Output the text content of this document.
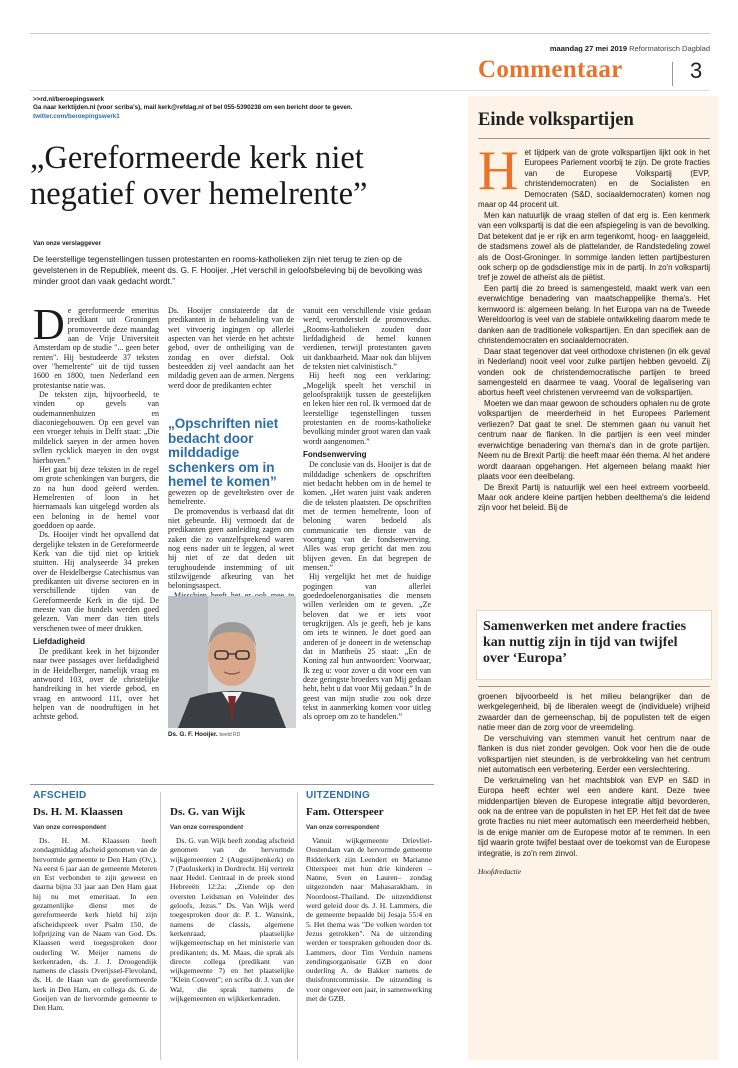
maandag 27 mei 2019 Reformatorisch Dagblad
Commentaar	3
>>rd.nl/beroepingswerk
Ga naar kerktijden.nl (voor scriba's), mail kerk@refdag.nl of bel 055-5390238 om een bericht door te geven.
twitter.com/beroepingswerk1
„Gereformeerde kerk niet negatief over hemelrente”
Van onze verslaggever
De leerstellige tegenstellingen tussen protestanten en rooms-katholieken zijn niet terug te zien op de gevelstenen in de Republiek, meent ds. G. F. Hooijer. „Het verschil in geloofsbeleving bij de bevolking was minder groot dan vaak gedacht wordt.”

De gereformeerde emeritus predikant uit Groningen promoveerde deze maandag aan de Vrije Universiteit Amsterdam op de studie "... geen beter renten". Hij bestudeerde 37 teksten over "hemelrente" uit de tijd tussen 1600 en 1800, toen Nederland een protestantse natie was.

De teksten zijn, bijvoorbeeld, te vinden op gevels van oudemannenhuizen en diaconiegebouwen. Op een gevel van een vroeger tehuis in Delft staat: „Die mildelick saeyen in der armen hoven svllen rycklick maeyen in den ovgst hierboven.”

Het gaat bij deze teksten in de regel om grote schenkingen van burgers, die zo na hun dood geëerd werden. Hemelrenten of loon in het hiernamaals kan uitgelegd worden als een beloning in de hemel voor goeddoen op aarde.

Ds. Hooijer vindt het opvallend dat dergelijke teksten in de Gereformeerde Kerk van die tijd niet op kritiek stuitten. Hij analyseerde 34 preken over de Heidelbergse Catechismus van predikanten uit diverse sectoren en in verschillende tijden van de Gereformeerde Kerk in die tijd. De meeste van die bundels werden goed gelezen. Van meer dan tien titels verschenen twee of meer drukken.

Liefdadigheid

De predikant keek in het bijzonder naar twee passages over liefdadigheid in de Heidelberger, namelijk vraag en antwoord 103, over de christelijke handreiking in het vierde gebod, en vraag en antwoord 111, over het helpen van de noodruftigen in het achtste gebod.

Ds. Hooijer constateerde dat de predikanten in de behandeling van de wet vitvoerig ingingen op allerlei aspecten van het vierde en het achtste gebod, over de ontheiliging van de zondag en over diefstal. Ook besteedden zij veel aandacht aan het mildadig geven aan de armen. Nergens werd door de predikanten echter

„Opschriften niet bedacht door milddadige schenkers om in hemel te komen”

gewezen op de gevelteksten over de hemelrente.

De promovendus is verbaasd dat dit niet gebeurde. Hij vermoedt dat de predikanten geen aanleiding zagen om zaken die zo vanzelfsprekend waren nog eens nader uit te leggen, al weet hij niet of ze dat deden uit terughoudende instemming of uit stilzwijgende afkeuring van het beloningsaspect.

Ds. G. F. Hooijer. beeld RD

vanuit een verschillende visie gedaan werd, veronderstelt de promovendus. „Rooms-katholieken zouden door liefdadigheid de hemel kunnen verdienen, terwijl protestanten gaven uit dankbaarheid. Maar ook dan blijven de teksten niet calvinistisch.”

Hij heeft nog een verklaring: „Mogelijk speelt het verschil in geloofspraktijk tussen de geestelijken en leken hier een rol. Ik vermoed dat de leerstellige tegenstellingen tussen protestanten en de rooms-katholieke bevolking minder groot waren dan vaak wordt aangenomen.”

Fondsenwerving

De conclusie van ds. Hooijer is dat de milddadige schenkers de opschriften niet bedacht hebben om in de hemel te komen. „Het waren juist vaak anderen die de teksten plaatsten. De opschriften met de termen hemelrente, loon of beloning waren bedoeld als communicatie ten dienste van de voortgang van de fondsenwerving. Alles was erop gericht dat men zou blijven geven. En dat begrepen de mensen.”

Hij vergelijkt het met de huidige pogingen van allerlei goededoelenorganisaties die mensen willen verleiden om te geven. „Ze beloven dat we er iets voor terugkrijgen. Als je geeft, heb je kans om iets te winnen. Je doet goed aan anderen of je doneert in de wetenschap dat in Mattheüs 25 staat: „En de Koning zal hun antwoorden: Voorwaar, Ik zeg u: voor zover u dit voor een van deze geringste broeders van Mij gedaan hebt, hebt u dat voor Mij gedaan.” In de geest van mijn studie zou ook deze tekst in aanmerking komen voor uitleg als oproep om zo te handelen.”

AFSCHEID
Ds. H. M. Klaassen
Van onze correspondent
Ds. H. M. Klaassen heeft zondagmiddag afscheid genomen van de hervormde gemeente te Den Ham (Ov.). Na eerst 6 jaar aan de gemeente Meteren en Est verbonden te zijn geweest en daarna bijna 33 jaar aan Den Ham gaat hij nu met emeritaat. In een gezamenlijke dienst met de gereformeerde kerk hield hij zijn afscheidspreek over Psalm 150, de lofprijzing van de Naam van God. Ds. Klaassen werd toegesproken door ouderling W. Meijer namens de kerkenraden, ds. J. J. Droogendijk namens de classis Overijssel-Flevoland, ds. H. de Haan van de gereformeerde kerk in Den Ham, en collega ds. G. de Goeijen van de hervormde gemeente te Den Ham.
Ds. G. van Wijk
Van onze correspondent
Ds. G. van Wijk heeft zondag afscheid genomen van de hervormde wijkgemeenten 2 (Augustijnenkerk) en 7 (Pauluskerk) in Dordrecht. Hij vertrekt naar Hedel. Centraal in de preek stond Hebreeën 12:2a: „Ziende op den oversten Leidsman en Voleinder des geloofs, Jezus.” Ds. Van Wijk werd toegesproken door dr. P. L. Wansink, namens de classis, algemene kerkenraad, plaatselijke wijkgemeenschap en het ministerie van predikanten; ds. M. Maas, die sprak als directe collega (predikant van wijkgemeente 7) en het plaatselijke "Klein Convent"; en scriba dr. J. van der Wal, die sprak namens de wijkgemeenten en wijkkerkenraden.
UITZENDING
Fam. Otterspeer
Van onze correspondent
Vanuit wijkgemeente Drievliet-Oostendam van de hervormde gemeente Ridderkerk zijn Leendert en Marianne Otterspeer met hun drie kinderen –Nanne, Sven en Lauren– zondag uitgezonden naar Mahasarakham, in Noordoost-Thailand. De uitzenddienst werd geleid door ds. J. H. Lammers, die de gemeente bepaalde bij Jesaja 55:4 en 5. Het thema was "De volken worden tot Jezus getrokken". Na de uitzending werden er toespraken gehouden door ds. Lammers, door Tim Verduin namens zendingsorganisatie GZB en door ouderling A. de Bakker namens de thuisfrontcommissie. De uitzending is voor ongeveer een jaar, in samenwerking met de GZB.
Einde volkspartijen

Het tijdperk van de grote volkspartijen lijkt ook in het Europees Parlement voorbij te zijn. De grote fracties van de Europese Volkspartij (EVP, christendemocraten) en de Socialisten en Democraten (S&D, sociaaldemocraten) komen nog maar op 44 procent uit.

Men kan natuurlijk de vraag stellen of dat erg is. Een kenmerk van een volkspartij is dat die een afspiegeling is van de bevolking. Dat betekent dat je er rijk en arm tegenkomt, hoog- en laaggeleid, de stadsmens zowel als de plattelander, de Randstedeling zowel als de Oost-Groninger. In sommige landen letten partijbesturen ook scherp op de godsdienstige mix in de partij. In zo'n volkspartij tref je zowel de atheïst als de piëtist.

Een partij die zo breed is samengesteld, maakt werk van een evenwichtige benadering van maatschappelijke thema's. Het kernwoord is: algemeen belang. In het Europa van na de Tweede Wereldoorlog is veel van de stabiele ontwikkeling daarom mede te danken aan de traditionele volkspartijen. En dan specifiek aan de christendemocraten en sociaaldemocraten.

Daar staat tegenover dat veel orthodoxe christenen (in elk geval in Nederland) nooit veel voor zulke partijen hebben gevoeld. Zij vonden ook de christendemocratische partijen te breed samengesteld en daarmee te vaag. Vooral de legalisering van abortus heeft veel christenen vervreemd van de volkspartijen.

Moeten we dan maar gewoon de schouders ophalen nu de grote volkspartijen de meerderheid in het Europees Parlement verliezen? Dat gaat te snel. De stemmen gaan nu vanuit het centrum naar de flanken. In die partijen is een veel minder evenwichtige benadering van thema's dan in de grote partijen. Neem nu de Brexit Partij: die heeft maar één thema. Al het andere wordt daaraan opgehangen. Het algemeen belang maakt hier plaats voor een deelbelang.

De Brexit Partij is natuurlijk wel een heel extreem voorbeeld. Maar ook andere kleine partijen hebben deelthema's die leidend zijn voor het beleid. Bij de

Samenwerken met andere fracties kan nuttig zijn in tijd van twijfel over ‘Europa’

groenen bijvoorbeeld is het milieu belangrijker dan de werkgelegenheid, bij de liberalen weegt de (individuele) vrijheid zwaarder dan de gemeenschap, bij de populisten telt de eigen natie meer dan de zorg voor de vreemdeling.

De verschuiving van stemmen vanuit het centrum naar de flanken is dus niet zonder gevolgen. Ook voor hen die de oude volkspartijen niet steunden, is de verbrokkeling van het centrum niet automatisch een verbetering. Eerder een verslechtering.

De verkruimeling van het machtsblok van EVP en S&D in Europa heeft echter wel een andere kant. Deze twee middenpartijen bleven de Europese integratie altijd bevorderen, ook na de entree van de populisten in het EP. Het feit dat de twee grote fracties nu niet meer automatisch een meerderheid hebben, is de enige manier om de Europese motor af te remmen. In een tijd waarin grote twijfel bestaat over de toekomst van de Europese integratie, is zo'n rem zinvol.

Hoofdredactie
